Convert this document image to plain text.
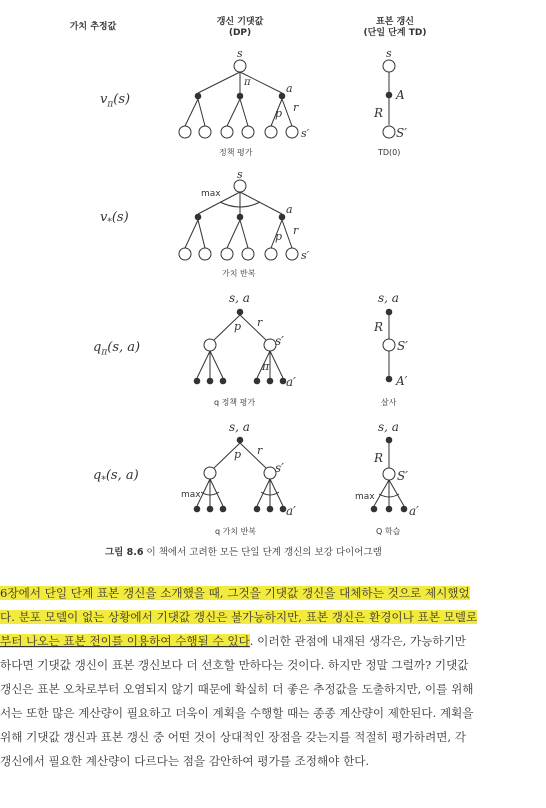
가치 추정값	갱신 기댓값
(DP)
표본 갱신
(단일 단계 TD)
$v_\pi(s)$
$v_*(s)$
$q_\pi(s$, a)
$q_*(s$, a)
s
π	a
p r
s′
정책 평가
s
A
R
S′
TD(0)
max
s
a
p r
s′
가치 반복
s, a
p r
s′
π
a′
q 정책 평가
s, a
R
S′
A′
살사
s, a
p r
s′
max
a′
q 가치 반복
s, a
R
S′
max
a′
Q 학습
그림 8.6 이 책에서 고려한 모든 단일 단계 갱신의 보강 다이어그램
6장에서 단일 단계 표본 갱신을 소개했을 때, 그것을 기댓값 갱신을 대체하는 것으로 제시했었
다. 분포 모델이 없는 상황에서 기댓값 갱신은 불가능하지만, 표본 갱신은 환경이나 표본 모델로
부터 나오는 표본 전이를 이용하여 수행될 수 있다. 이러한 관점에 내재된 생각은, 가능하기만
하다면 기댓값 갱신이 표본 갱신보다 더 선호할 만하다는 것이다. 하지만 정말 그럴까? 기댓값
갱신은 표본 오차로부터 오염되지 않기 때문에 확실히 더 좋은 추정값을 도출하지만, 이를 위해
서는 또한 많은 계산량이 필요하고 더욱이 계획을 수행할 때는 종종 계산량이 제한된다. 계획을
위해 기댓값 갱신과 표본 갱신 중 어떤 것이 상대적인 장점을 갖는지를 적절히 평가하려면, 각
갱신에서 필요한 계산량이 다르다는 점을 감안하여 평가를 조정해야 한다.
